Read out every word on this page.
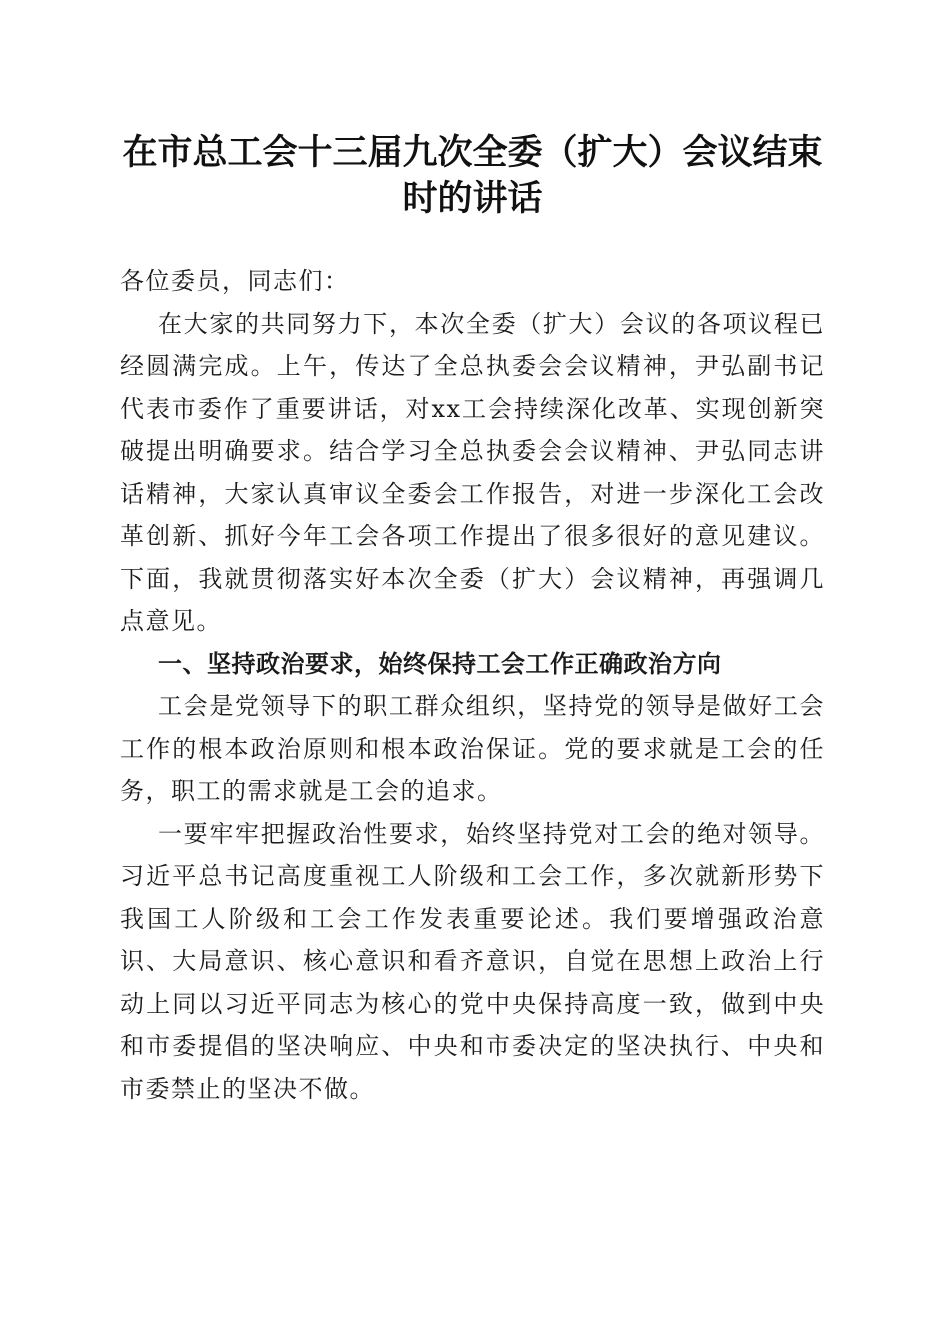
在市总工会十三届九次全委（扩大）会议结束
时的讲话

各位委员，同志们：

在大家的共同努力下，本次全委（扩大）会议的各项议程已经圆满完成。上午，传达了全总执委会会议精神，尹弘副书记代表市委作了重要讲话，对xx工会持续深化改革、实现创新突破提出明确要求。结合学习全总执委会会议精神、尹弘同志讲话精神，大家认真审议全委会工作报告，对进一步深化工会改革创新、抓好今年工会各项工作提出了很多很好的意见建议。下面，我就贯彻落实好本次全委（扩大）会议精神，再强调几点意见。

一、坚持政治要求，始终保持工会工作正确政治方向

工会是党领导下的职工群众组织，坚持党的领导是做好工会工作的根本政治原则和根本政治保证。党的要求就是工会的任务，职工的需求就是工会的追求。

一要牢牢把握政治性要求，始终坚持党对工会的绝对领导。习近平总书记高度重视工人阶级和工会工作，多次就新形势下我国工人阶级和工会工作发表重要论述。我们要增强政治意识、大局意识、核心意识和看齐意识，自觉在思想上政治上行动上同以习近平同志为核心的党中央保持高度一致，做到中央和市委提倡的坚决响应、中央和市委决定的坚决执行、中央和市委禁止的坚决不做。
